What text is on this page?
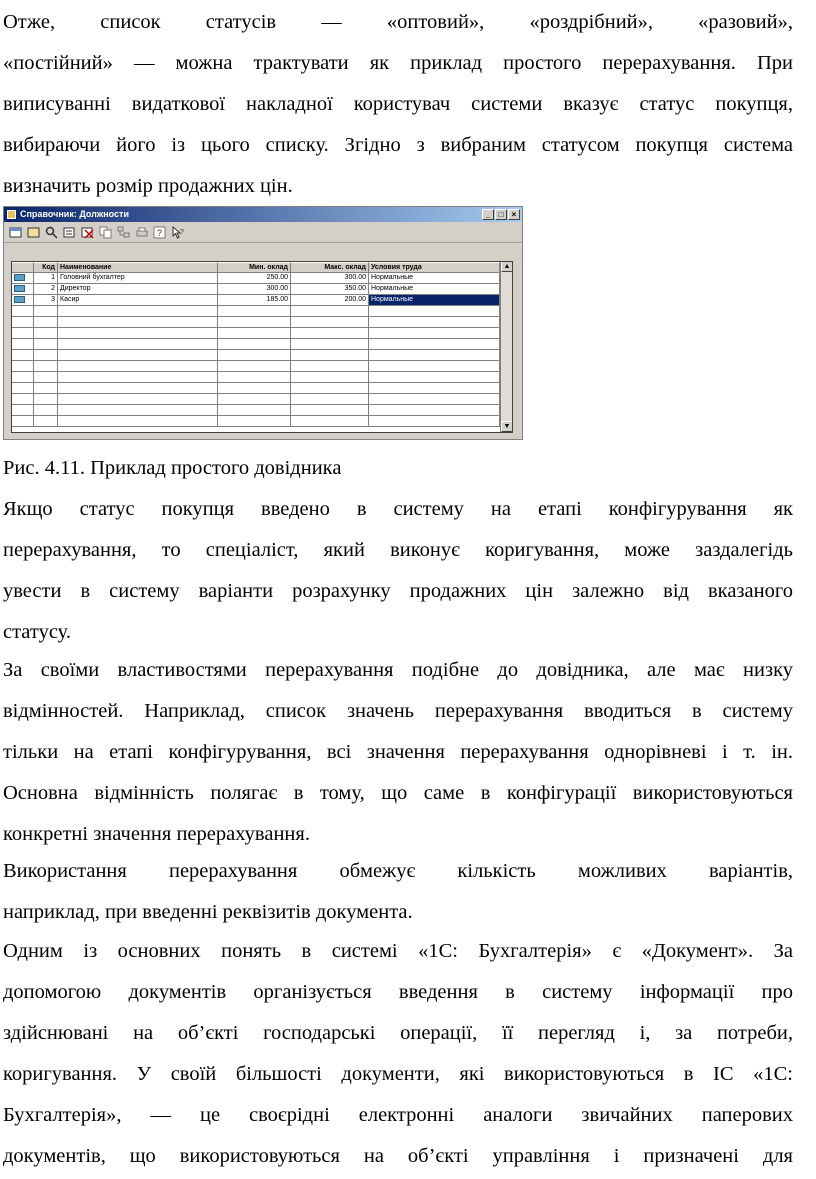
Отже, список статусів — «оптовий», «роздрібний», «разовий»,
«постійний» — можна трактувати як приклад простого перерахування. При
виписуванні видаткової накладної користувач системи вказує статус покупця,
вибираючи його із цього списку. Згідно з вибраним статусом покупця система
визначить розмір продажних цін.
Справочник: Должности	_	□	×
?	?
Код Наименование	Мин. оклад	Макс. оклад Условия труда
1 Головний бухгалтер	250.00	300.00 Нормальные
2 Директор	300.00	350.00 Нормальные
3 Касир	185.00	200.00 Нормальные
▲
▼
Рис. 4.11. Приклад простого довідника
Якщо статус покупця введено в систему на етапі конфігурування як
перерахування, то спеціаліст, який виконує коригування, може заздалегідь
увести в систему варіанти розрахунку продажних цін залежно від вказаного
статусу.
За своїми властивостями перерахування подібне до довідника, але має низку
відмінностей. Наприклад, список значень перерахування вводиться в систему
тільки на етапі конфігурування, всі значення перерахування однорівневі і т. ін.
Основна відмінність полягає в тому, що саме в конфігурації використовуються
конкретні значення перерахування.
Використання перерахування обмежує кількість можливих варіантів,
наприклад, при введенні реквізитів документа.
Одним із основних понять в системі «1С: Бухгалтерія» є «Документ». За
допомогою документів організується введення в систему інформації про
здійснювані на об’єкті господарські операції, її перегляд і, за потреби,
коригування. У своїй більшості документи, які використовуються в ІС «1С:
Бухгалтерія», — це своєрідні електронні аналоги звичайних паперових
документів, що використовуються на об’єкті управління і призначені для
